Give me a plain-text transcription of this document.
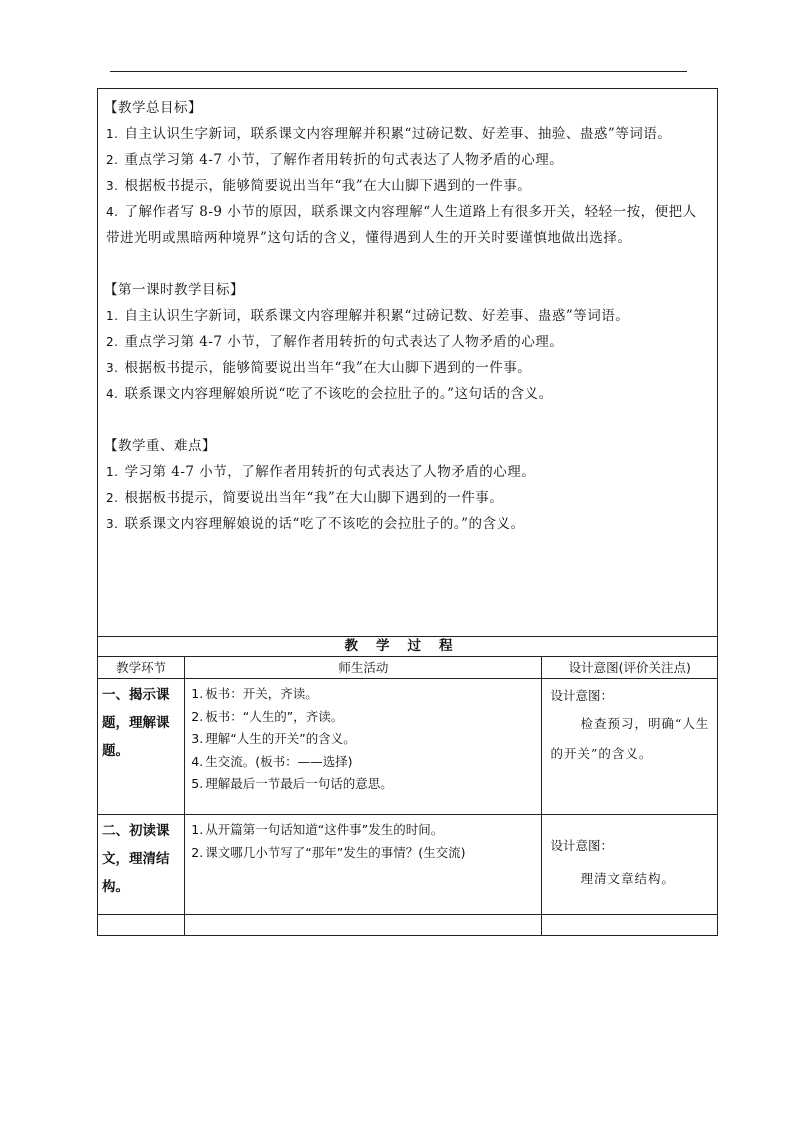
【教学总目标】
1. 自主认识生字新词，联系课文内容理解并积累“过磅记数、好差事、抽验、蛊惑”等词语。
2. 重点学习第 4-7 小节，了解作者用转折的句式表达了人物矛盾的心理。
3. 根据板书提示，能够简要说出当年“我”在大山脚下遇到的一件事。
4. 了解作者写 8-9 小节的原因，联系课文内容理解“人生道路上有很多开关，轻轻一按，便把人带进光明或黑暗两种境界”这句话的含义，懂得遇到人生的开关时要谨慎地做出选择。
【第一课时教学目标】
1. 自主认识生字新词，联系课文内容理解并积累“过磅记数、好差事、蛊惑”等词语。
2. 重点学习第 4-7 小节，了解作者用转折的句式表达了人物矛盾的心理。
3. 根据板书提示，能够简要说出当年“我”在大山脚下遇到的一件事。
4. 联系课文内容理解娘所说“吃了不该吃的会拉肚子的。”这句话的含义。
【教学重、难点】
1. 学习第 4-7 小节，了解作者用转折的句式表达了人物矛盾的心理。
2. 根据板书提示，简要说出当年“我”在大山脚下遇到的一件事。
3. 联系课文内容理解娘说的话“吃了不该吃的会拉肚子的。”的含义。
教学过程		
教学环节	师生活动	设计意图(评价关注点)
一、揭示课题，理解课题。	1. 板书：开关，齐读。
2. 板书：“人生的”，齐读。
3. 理解“人生的开关”的含义。
4. 生交流。(板书：——选择)
5. 理解最后一节最后一句话的意思。	设计意图：
检查预习，明确“人生的开关”的含义。

二、初读课文，理清结构。	1. 从开篇第一句话知道“这件事”发生的时间。
2. 课文哪几小节写了“那年”发生的事情？(生交流)	设计意图：
理清文章结构。
